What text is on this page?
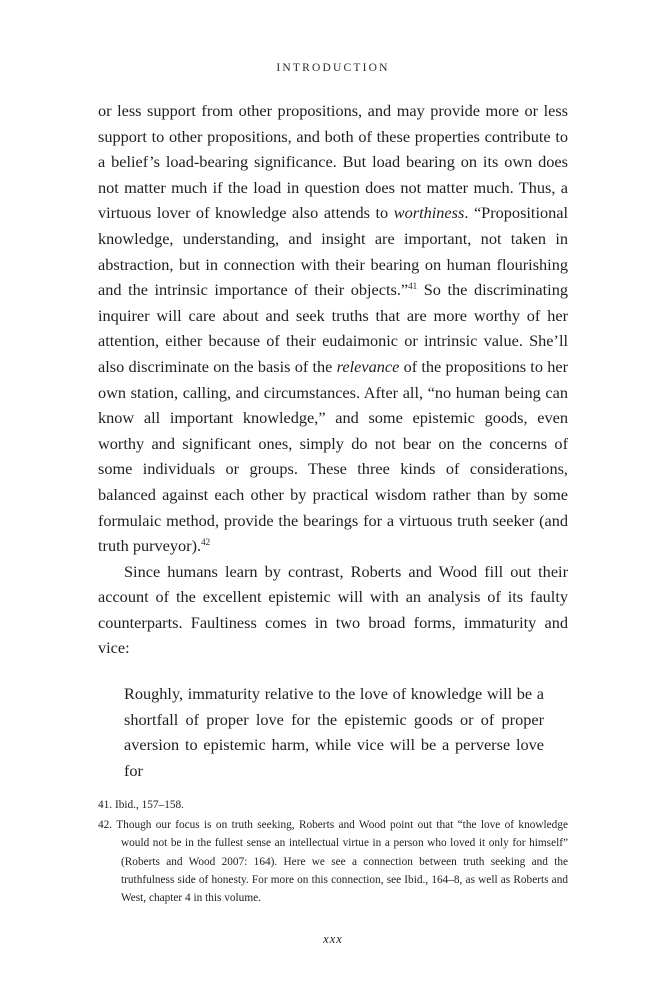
INTRODUCTION

or less support from other propositions, and may provide more or less support to other propositions, and both of these properties contribute to a belief’s load-bearing significance. But load bearing on its own does not matter much if the load in question does not matter much. Thus, a virtuous lover of knowledge also attends to worthiness. “Propositional knowledge, understanding, and insight are important, not taken in abstraction, but in connection with their bearing on human flourishing and the intrinsic importance of their objects.”$^{41}$ So the discriminating inquirer will care about and seek truths that are more worthy of her attention, either because of their eudaimonic or intrinsic value. She’ll also discriminate on the basis of the relevance of the propositions to her own station, calling, and circumstances. After all, “no human being can know all important knowledge,” and some epistemic goods, even worthy and significant ones, simply do not bear on the concerns of some individuals or groups. These three kinds of considerations, balanced against each other by practical wisdom rather than by some formulaic method, provide the bearings for a virtuous truth seeker (and truth purveyor).$^{42}$

Since humans learn by contrast, Roberts and Wood fill out their account of the excellent epistemic will with an analysis of its faulty counterparts. Faultiness comes in two broad forms, immaturity and vice:

Roughly, immaturity relative to the love of knowledge will be a shortfall of proper love for the epistemic goods or of proper aversion to epistemic harm, while vice will be a perverse love for

41. Ibid., 157–158.

42. Though our focus is on truth seeking, Roberts and Wood point out that “the love of knowledge would not be in the fullest sense an intellectual virtue in a person who loved it only for himself” (Roberts and Wood 2007: 164). Here we see a connection between truth seeking and the truthfulness side of honesty. For more on this connection, see Ibid., 164–8, as well as Roberts and West, chapter 4 in this volume.

xxx
